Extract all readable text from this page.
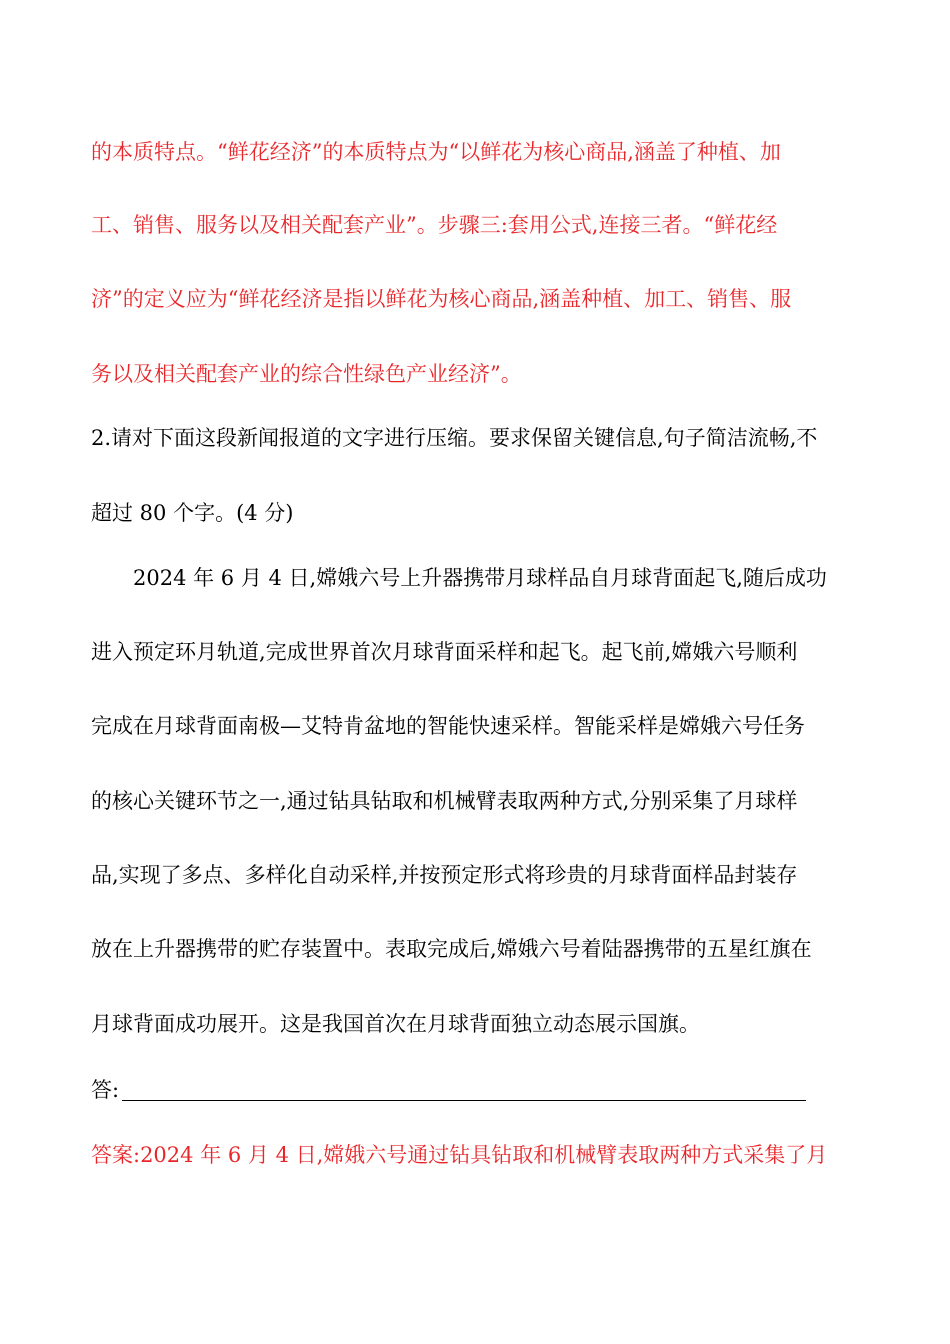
的本质特点。“鲜花经济”的本质特点为“以鲜花为核心商品,涵盖了种植、加
工、销售、服务以及相关配套产业”。步骤三:套用公式,连接三者。“鲜花经
济”的定义应为“鲜花经济是指以鲜花为核心商品,涵盖种植、加工、销售、服
务以及相关配套产业的综合性绿色产业经济”。
2.请对下面这段新闻报道的文字进行压缩。要求保留关键信息,句子简洁流畅,不
超过 80 个字。(4 分)
2024 年 6 月 4 日,嫦娥六号上升器携带月球样品自月球背面起飞,随后成功
进入预定环月轨道,完成世界首次月球背面采样和起飞。起飞前,嫦娥六号顺利
完成在月球背面南极—艾特肯盆地的智能快速采样。智能采样是嫦娥六号任务
的核心关键环节之一,通过钻具钻取和机械臂表取两种方式,分别采集了月球样
品,实现了多点、多样化自动采样,并按预定形式将珍贵的月球背面样品封装存
放在上升器携带的贮存装置中。表取完成后,嫦娥六号着陆器携带的五星红旗在
月球背面成功展开。这是我国首次在月球背面独立动态展示国旗。
答:
答案:2024 年 6 月 4 日,嫦娥六号通过钻具钻取和机械臂表取两种方式采集了月
